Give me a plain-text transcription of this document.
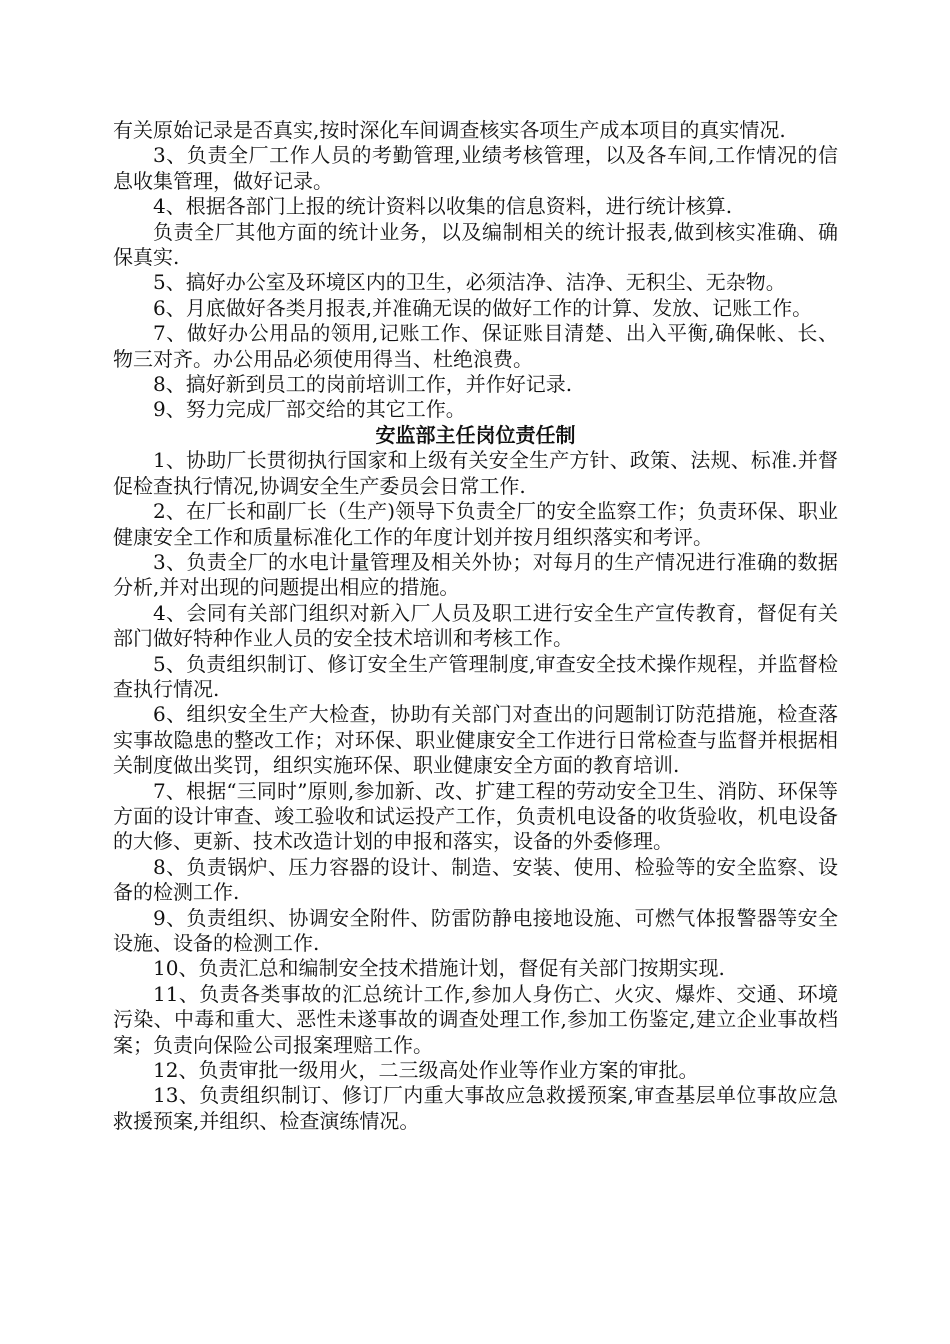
有关原始记录是否真实,按时深化车间调查核实各项生产成本项目的真实情况.

3、负责全厂工作人员的考勤管理,业绩考核管理，以及各车间,工作情况的信息收集管理，做好记录。

4、根据各部门上报的统计资料以收集的信息资料，进行统计核算.

负责全厂其他方面的统计业务，以及编制相关的统计报表,做到核实准确、确保真实.

5、搞好办公室及环境区内的卫生，必须洁净、洁净、无积尘、无杂物。

6、月底做好各类月报表,并准确无误的做好工作的计算、发放、记账工作。

7、做好办公用品的领用,记账工作、保证账目清楚、出入平衡,确保帐、长、物三对齐。办公用品必须使用得当、杜绝浪费。

8、搞好新到员工的岗前培训工作，并作好记录.

9、努力完成厂部交给的其它工作。

安监部主任岗位责任制

1、协助厂长贯彻执行国家和上级有关安全生产方针、政策、法规、标准.并督促检查执行情况,协调安全生产委员会日常工作.

2、在厂长和副厂长（生产)领导下负责全厂的安全监察工作；负责环保、职业健康安全工作和质量标准化工作的年度计划并按月组织落实和考评。

3、负责全厂的水电计量管理及相关外协；对每月的生产情况进行准确的数据分析,并对出现的问题提出相应的措施。

4、会同有关部门组织对新入厂人员及职工进行安全生产宣传教育，督促有关部门做好特种作业人员的安全技术培训和考核工作。

5、负责组织制订、修订安全生产管理制度,审查安全技术操作规程，并监督检查执行情况.

6、组织安全生产大检查，协助有关部门对查出的问题制订防范措施，检查落实事故隐患的整改工作；对环保、职业健康安全工作进行日常检查与监督并根据相关制度做出奖罚，组织实施环保、职业健康安全方面的教育培训.

7、根据“三同时”原则,参加新、改、扩建工程的劳动安全卫生、消防、环保等方面的设计审查、竣工验收和试运投产工作，负责机电设备的收货验收，机电设备的大修、更新、技术改造计划的申报和落实，设备的外委修理。

8、负责锅炉、压力容器的设计、制造、安装、使用、检验等的安全监察、设备的检测工作.

9、负责组织、协调安全附件、防雷防静电接地设施、可燃气体报警器等安全设施、设备的检测工作.

10、负责汇总和编制安全技术措施计划，督促有关部门按期实现.

11、负责各类事故的汇总统计工作,参加人身伤亡、火灾、爆炸、交通、环境污染、中毒和重大、恶性未遂事故的调查处理工作,参加工伤鉴定,建立企业事故档案；负责向保险公司报案理赔工作。

12、负责审批一级用火，二三级高处作业等作业方案的审批。

13、负责组织制订、修订厂内重大事故应急救援预案,审查基层单位事故应急救援预案,并组织、检查演练情况。
